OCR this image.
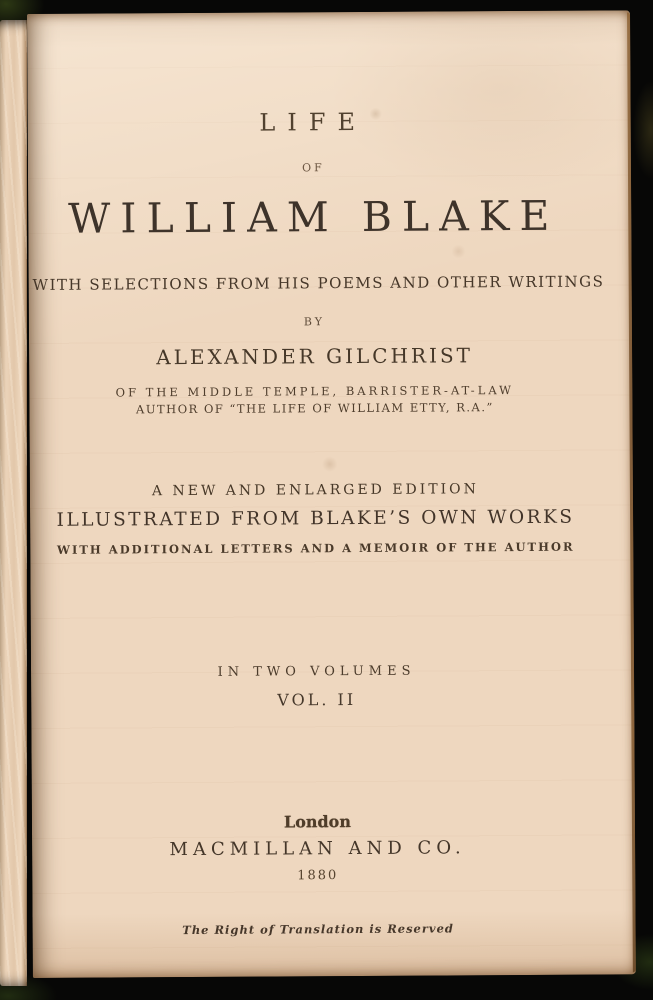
LIFE
OF
WILLIAM BLAKE
WITH SELECTIONS FROM HIS POEMS AND OTHER WRITINGS
BY
ALEXANDER GILCHRIST
OF THE MIDDLE TEMPLE, BARRISTER-AT-LAW
AUTHOR OF “THE LIFE OF WILLIAM ETTY, R.A.”
A NEW AND ENLARGED EDITION
ILLUSTRATED FROM BLAKE’S OWN WORKS
WITH ADDITIONAL LETTERS AND A MEMOIR OF THE AUTHOR
IN TWO VOLUMES
VOL. II
London
MACMILLAN AND CO.
1880
The Right of Translation is Reserved
